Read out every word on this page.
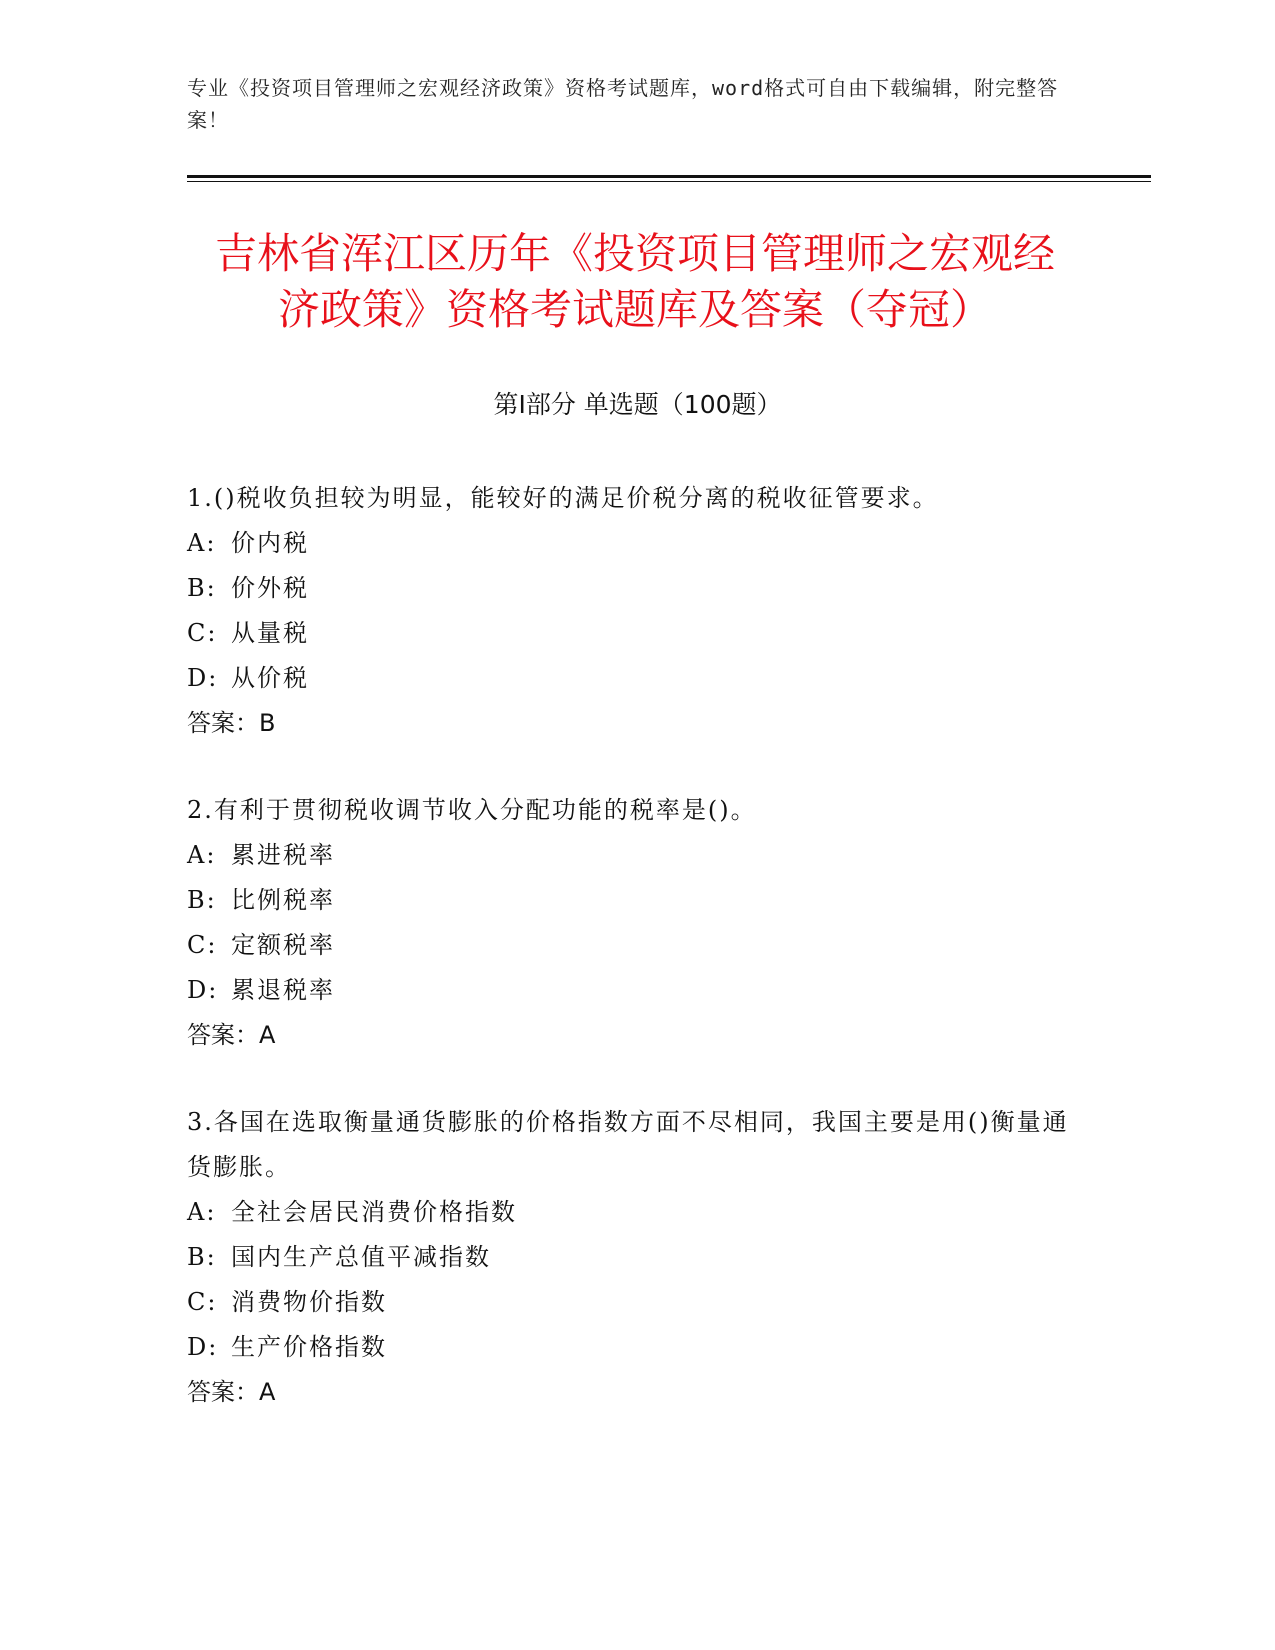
专业《投资项目管理师之宏观经济政策》资格考试题库，word格式可自由下载编辑，附完整答案！
吉林省浑江区历年《投资项目管理师之宏观经济政策》资格考试题库及答案（夺冠）
第Ⅰ部分 单选题（100题）
1.()税收负担较为明显，能较好的满足价税分离的税收征管要求。
A: 价内税
B: 价外税
C: 从量税
D: 从价税
答案：B
2.有利于贯彻税收调节收入分配功能的税率是()。
A: 累进税率
B: 比例税率
C: 定额税率
D: 累退税率
答案：A
3.各国在选取衡量通货膨胀的价格指数方面不尽相同，我国主要是用()衡量通货膨胀。
A: 全社会居民消费价格指数
B: 国内生产总值平减指数
C: 消费物价指数
D: 生产价格指数
答案：A
